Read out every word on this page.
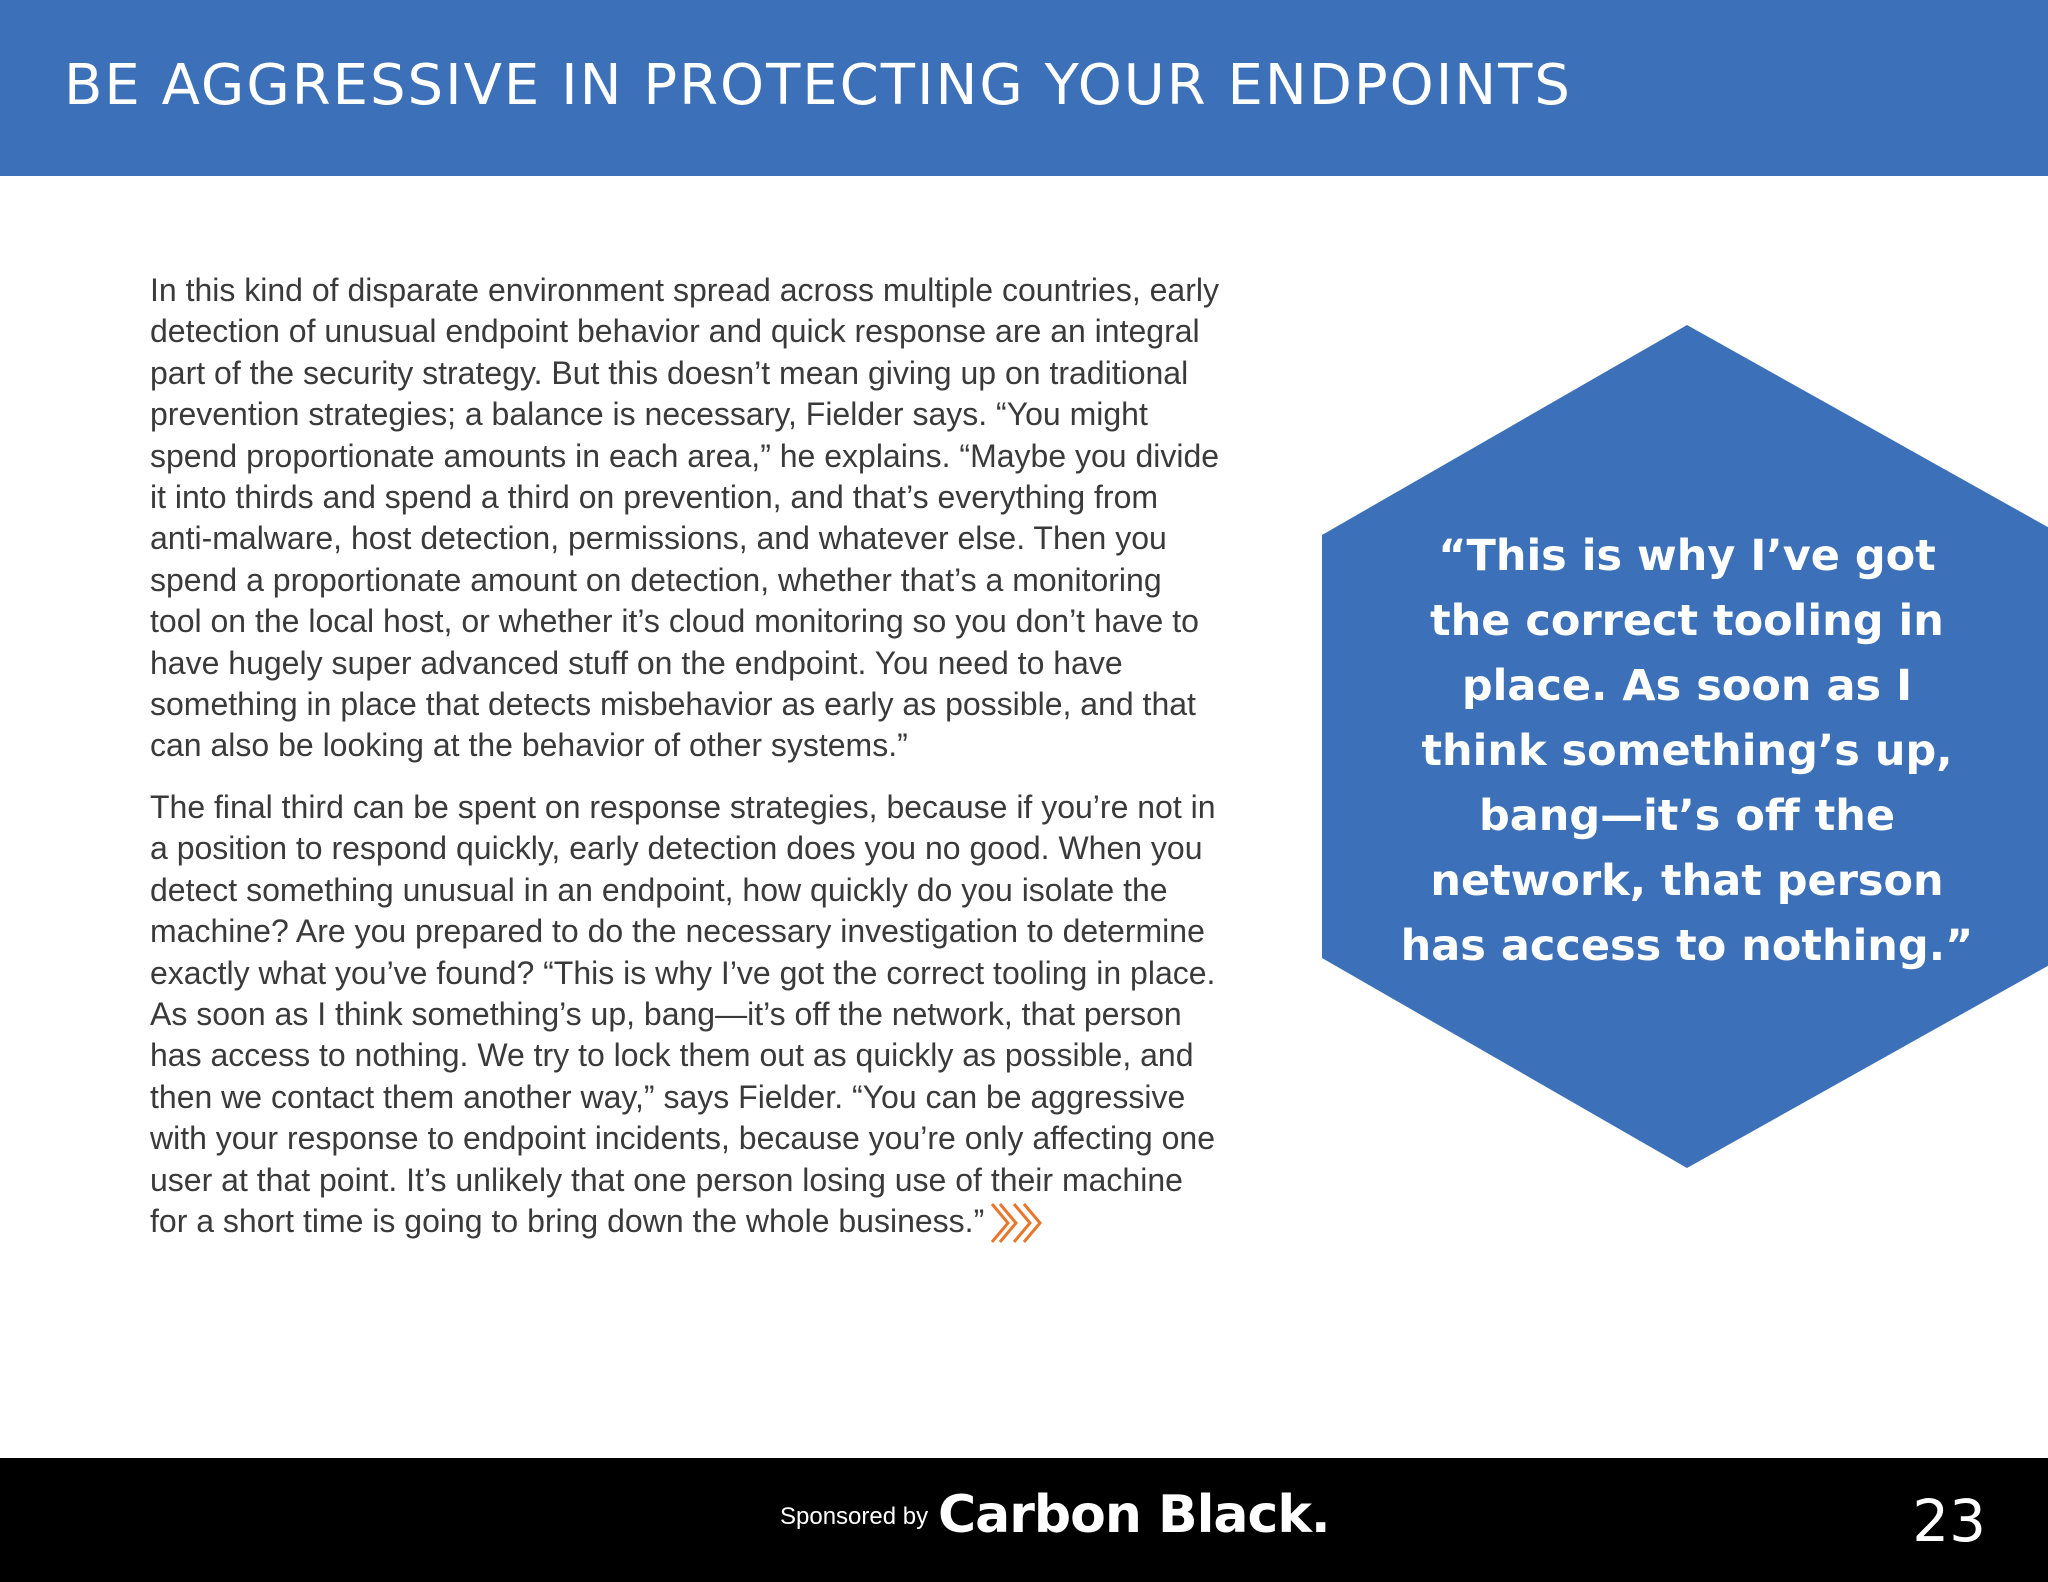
BE AGGRESSIVE IN PROTECTING YOUR ENDPOINTS

In this kind of disparate environment spread across multiple countries, early detection of unusual endpoint behavior and quick response are an integral part of the security strategy. But this doesn’t mean giving up on traditional prevention strategies; a balance is necessary, Fielder says. “You might spend proportionate amounts in each area,” he explains. “Maybe you divide it into thirds and spend a third on prevention, and that’s everything from anti-malware, host detection, permissions, and whatever else. Then you spend a proportionate amount on detection, whether that’s a monitoring tool on the local host, or whether it’s cloud monitoring so you don’t have to have hugely super advanced stuff on the endpoint. You need to have something in place that detects misbehavior as early as possible, and that can also be looking at the behavior of other systems.”

The final third can be spent on response strategies, because if you’re not in a position to respond quickly, early detection does you no good. When you detect something unusual in an endpoint, how quickly do you isolate the machine? Are you prepared to do the necessary investigation to determine exactly what you’ve found? “This is why I’ve got the correct tooling in place. As soon as I think something’s up, bang—it’s off the network, that person has access to nothing. We try to lock them out as quickly as possible, and then we contact them another way,” says Fielder. “You can be aggressive with your response to endpoint incidents, because you’re only affecting one user at that point. It’s unlikely that one person losing use of their machine for a short time is going to bring down the whole business.”

“This is why I’ve got the correct tooling in place. As soon as I think something’s up, bang—it’s off the network, that person has access to nothing.”

Sponsored by Carbon Black.	23
